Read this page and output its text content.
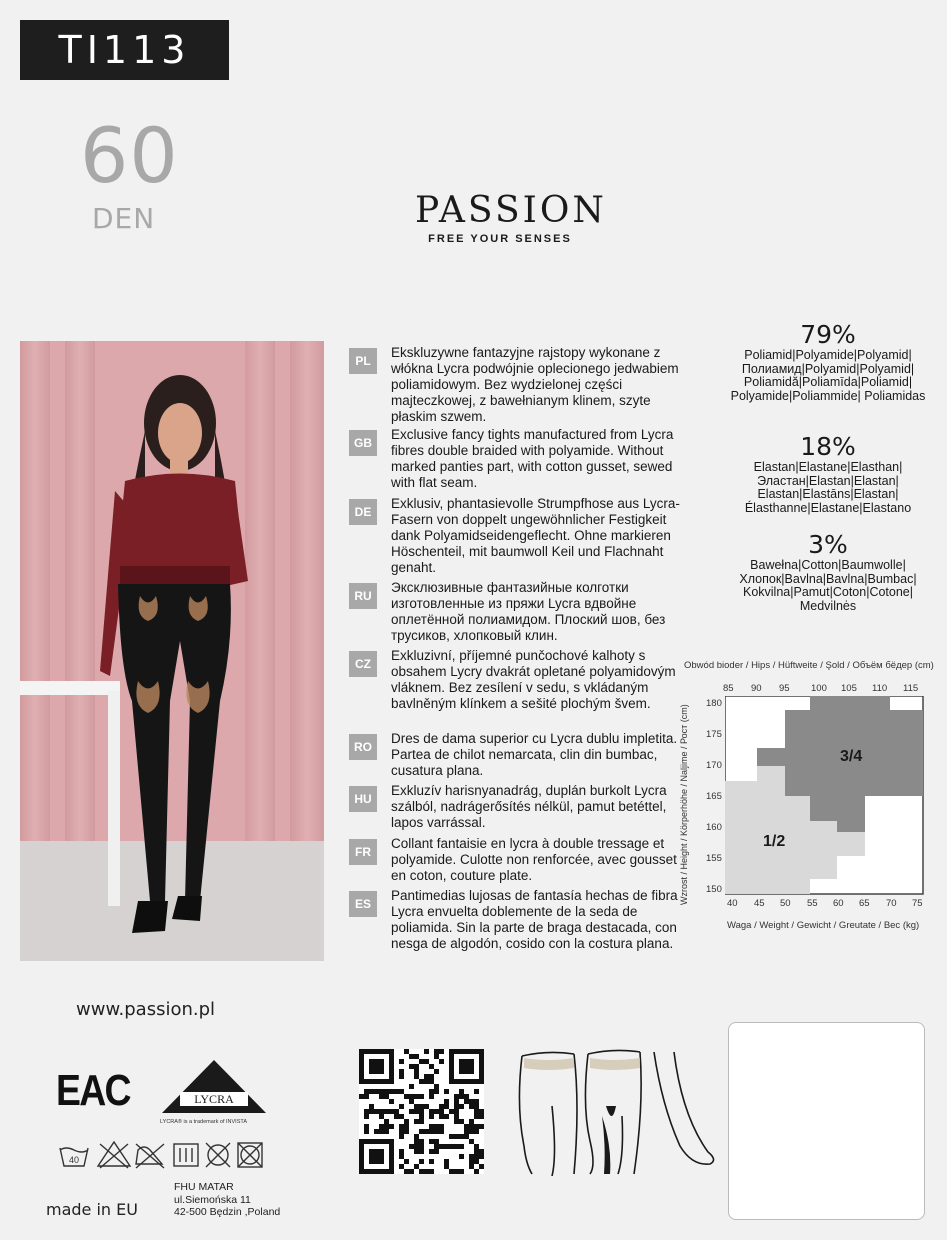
TI113
60
DEN	PASSION
FREE YOUR SENSES
PL
Ekskluzywne fantazyjne rajstopy wykonane z włókna Lycra podwójnie oplecionego jedwabiem poliamidowym. Bez wydzielonej części majteczkowej, z bawełnianym klinem, szyte płaskim szwem.
GB
Exclusive fancy tights manufactured from Lycra fibres double braided with polyamide. Without marked panties part, with cotton gusset, sewed with flat seam.
DE
Exklusiv, phantasievolle Strumpfhose aus Lycra-Fasern von doppelt ungewöhnlicher Festigkeit dank Polyamidseidengeflecht. Ohne markieren Höschenteil, mit baumwoll Keil und Flachnaht genaht.
RU
Эксклюзивные фантазийные колготки изготовленные из пряжи Lycra вдвойне оплетённой полиамидом. Плоский шов, без трусиков, хлопковый клин.
CZ
Exkluzivní, příjemné punčochové kalhoty s obsahem Lycry dvakrát opletané polyamidovým vláknem. Bez zesílení v sedu, s vkládaným bavlněným klínkem a sešité plochým švem.
RO
Dres de dama superior cu Lycra dublu impletita. Partea de chilot nemarcata, clin din bumbac, cusatura plana.
HU
Exkluzív harisnyanadrág, duplán burkolt Lycra szálból, nadrágerősítés nélkül, pamut betéttel, lapos varrással.
FR
Collant fantaisie en lycra à double tressage et polyamide. Culotte non renforcée, avec gousset en coton, couture plate.
ES
Pantimedias lujosas de fantasía hechas de fibra Lycra envuelta doblemente de la seda de poliamida. Sin la parte de braga destacada, con nesga de algodón, cosido con la costura plana.
79%
Poliamid|Polyamide|Polyamid| Полиамид|Polyamid|Polyamid| Poliamidă|Poliamīda|Poliamid| Polyamide|Poliammide| Poliamidas
18%
Elastan|Elastane|Elasthan| Эластан|Elastan|Elastan| Elastan|Elastāns|Elastan| Élasthanne|Elastane|Elastano
3%
Bawełna|Cotton|Baumwolle| Хлопок|Bavlna|Bavlna|Bumbac| Kokvilna|Pamut|Coton|Cotone| Medvilnės
Obwód bioder / Hips / Hüftweite / Şold / Объём бёдер (cm)
Wzrost / Height / Körperhöhe / Naljime / Рост (cm)
Waga / Weight / Gewicht / Greutate / Bec (kg)
85 90 95 100 105 110 115
40 45 50 55 60 65 70 75
180
175
170
165
160
155
150
3/4
1/2
www.passion.pl
EAC	LYCRA
LYCRA® is a trademark of INVISTA
40
made in EU
FHU MATAR
ul.Siemońska 11
42-500 Będzin ,Poland
